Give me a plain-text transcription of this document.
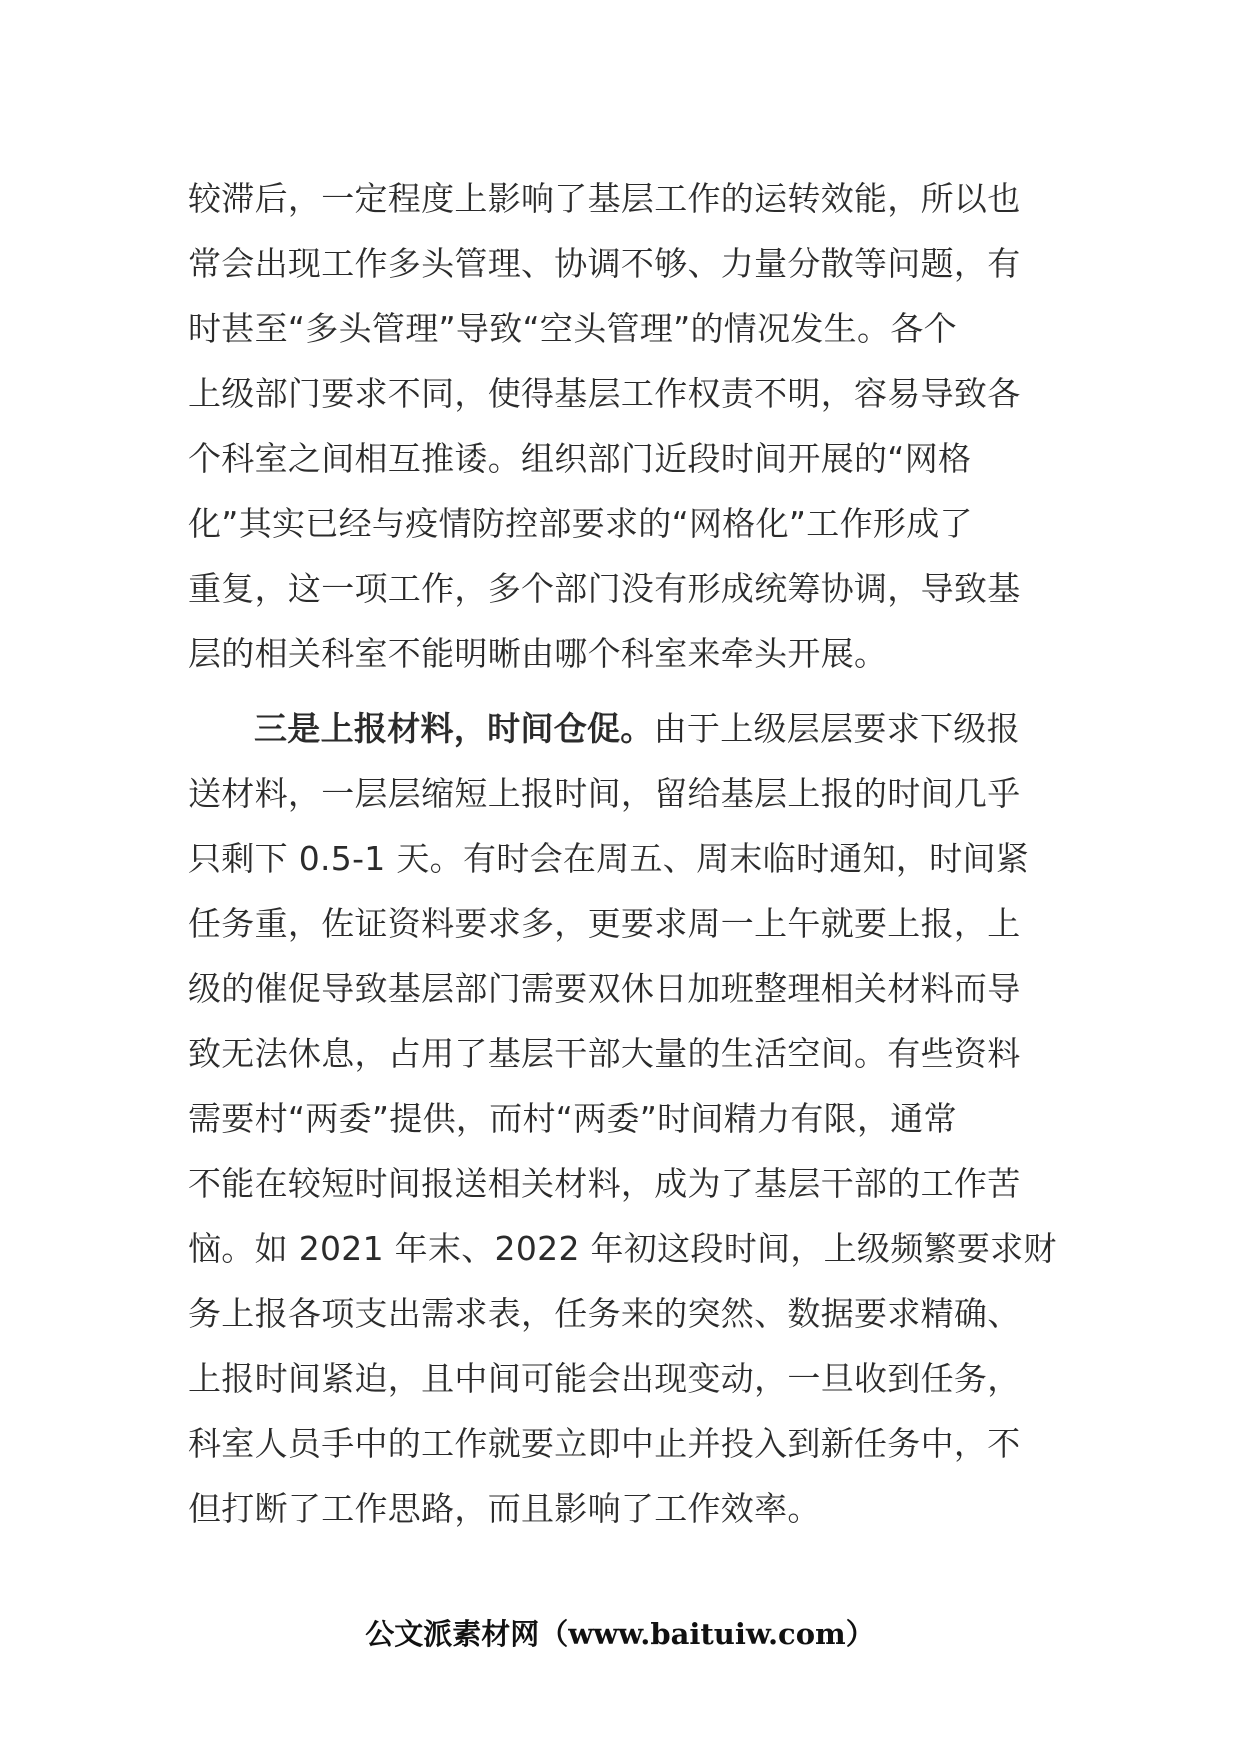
较滞后，一定程度上影响了基层工作的运转效能，所以也
常会出现工作多头管理、协调不够、力量分散等问题，有
时甚至“多头管理”导致“空头管理”的情况发生。各个
上级部门要求不同，使得基层工作权责不明，容易导致各
个科室之间相互推诿。组织部门近段时间开展的“网格
化”其实已经与疫情防控部要求的“网格化”工作形成了
重复，这一项工作，多个部门没有形成统筹协调，导致基
层的相关科室不能明晰由哪个科室来牵头开展。
三是上报材料，时间仓促。由于上级层层要求下级报
送材料，一层层缩短上报时间，留给基层上报的时间几乎
只剩下 0.5-1 天。有时会在周五、周末临时通知，时间紧
任务重，佐证资料要求多，更要求周一上午就要上报，上
级的催促导致基层部门需要双休日加班整理相关材料而导
致无法休息，占用了基层干部大量的生活空间。有些资料
需要村“两委”提供，而村“两委”时间精力有限，通常
不能在较短时间报送相关材料，成为了基层干部的工作苦
恼。如 2021 年末、2022 年初这段时间，上级频繁要求财
务上报各项支出需求表，任务来的突然、数据要求精确、
上报时间紧迫，且中间可能会出现变动，一旦收到任务，
科室人员手中的工作就要立即中止并投入到新任务中，不
但打断了工作思路，而且影响了工作效率。
公文派素材网（www.baituiw.com）
